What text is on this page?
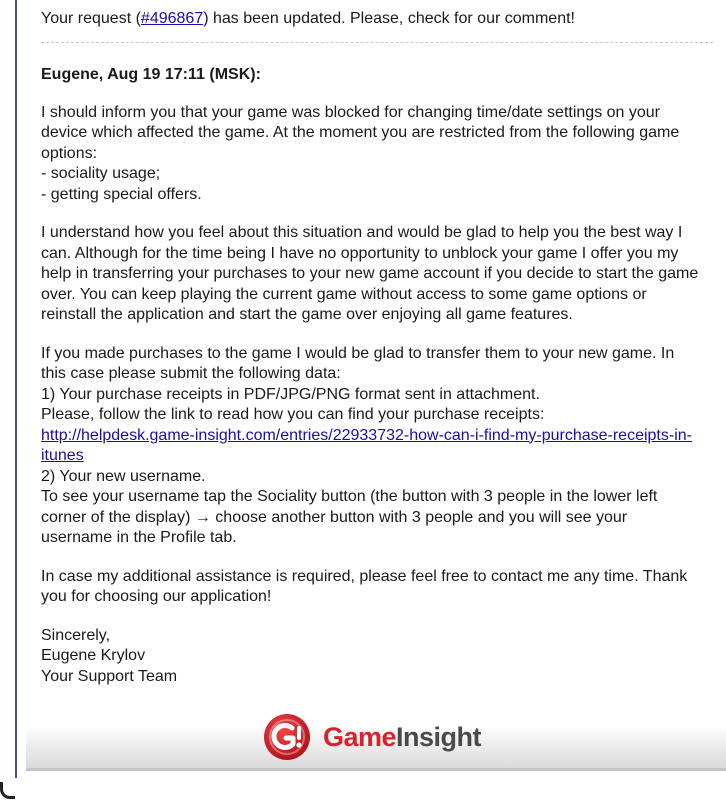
Your request (#496867) has been updated. Please, check for our comment!

Eugene, Aug 19 17:11 (MSK):

I should inform you that your game was blocked for changing time/date settings on your
device which affected the game. At the moment you are restricted from the following game
options:
- sociality usage;
- getting special offers.

I understand how you feel about this situation and would be glad to help you the best way I
can. Although for the time being I have no opportunity to unblock your game I offer you my
help in transferring your purchases to your new game account if you decide to start the game
over. You can keep playing the current game without access to some game options or
reinstall the application and start the game over enjoying all game features.

If you made purchases to the game I would be glad to transfer them to your new game. In
this case please submit the following data:
1) Your purchase receipts in PDF/JPG/PNG format sent in attachment.
Please, follow the link to read how you can find your purchase receipts:
http://helpdesk.game-insight.com/entries/22933732-how-can-i-find-my-purchase-receipts-in-
itunes
2) Your new username.
To see your username tap the Sociality button (the button with 3 people in the lower left
corner of the display) → choose another button with 3 people and you will see your
username in the Profile tab.

In case my additional assistance is required, please feel free to contact me any time. Thank
you for choosing our application!

Sincerely,
Eugene Krylov
Your Support Team

GameInsight
